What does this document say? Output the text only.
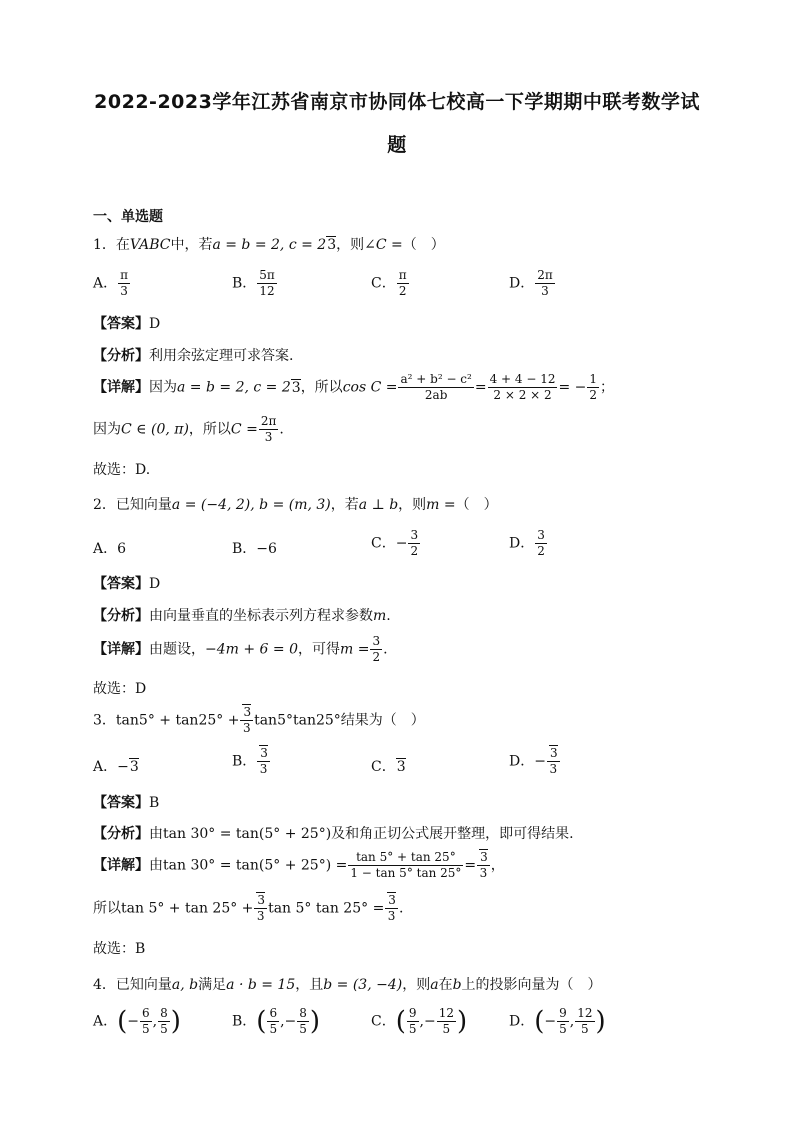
2022-2023学年江苏省南京市协同体七校高一下学期期中联考数学试
题
一、单选题
1．在VABC中，若a = b = 2, c = 23，则∠C =（　）
A． $\frac{\pi}{3}$	B． $\frac{5\pi}{12}$	C． $\frac{\pi}{2}$	D． $\frac{2\pi}{3}$
【答案】D
【分析】利用余弦定理可求答案.
【详解】因为a = b = 2, c = 23，所以$\cos C = \frac{\text{a² + b² − c²}}{2ab} = \frac{4 + 4 - 12}{2 \times 2 \times 2}$ = − $\frac{1}{2}$ ；
因为C ∈ (0, π)，所以$C = \frac{2\pi}{3}$ .
故选：D.
2．已知向量a = (−4, 2), b = (m, 3)，若a ⊥ b，则m =（　）
A．6	B．−6	C．− $\frac{3}{2}$	D． $\frac{3}{2}$
【答案】D
【分析】由向量垂直的坐标表示列方程求参数m.
【详解】由题设，−4m + 6 = 0，可得$m = \frac{3}{2}$ .
故选：D
3．$\tan 5^\circ + \tan 25^\circ + \frac{3}{3} \tan 5^\circ\tan 25^\circ$结果为（　）
A．−3	B． $\frac{3}{3}$	C．3	D．− $\frac{3}{3}$
【答案】B
【分析】由tan 30° = tan(5° + 25°)及和角正切公式展开整理，即可得结果.
【详解】由$\tan 30^\circ = \tan(5^\circ + 25^\circ) = \frac{\tan 5^\circ + \tan 25^\circ}{1 - \tan 5^\circ \tan 25^\circ} = \frac{3}{3}$ ，
所以$\tan 5^\circ + \tan 25^\circ + \frac{3}{3}$ tan 5° $\tan 25^\circ = \frac{3}{3}$ .
故选：B
4．已知向量a, b满足a · b = 15，且b = (3, −4)，则a在b上的投影向量为（　）
A．(− $\frac{6}{5}$ , $\frac{8}{5}$ )	B．( $\frac{6}{5}$ ,− $\frac{8}{5}$ )	C．( $\frac{9}{5}$ ,− $\frac{12}{5}$ )	D．(− $\frac{9}{5}$ , $\frac{12}{5}$ )
